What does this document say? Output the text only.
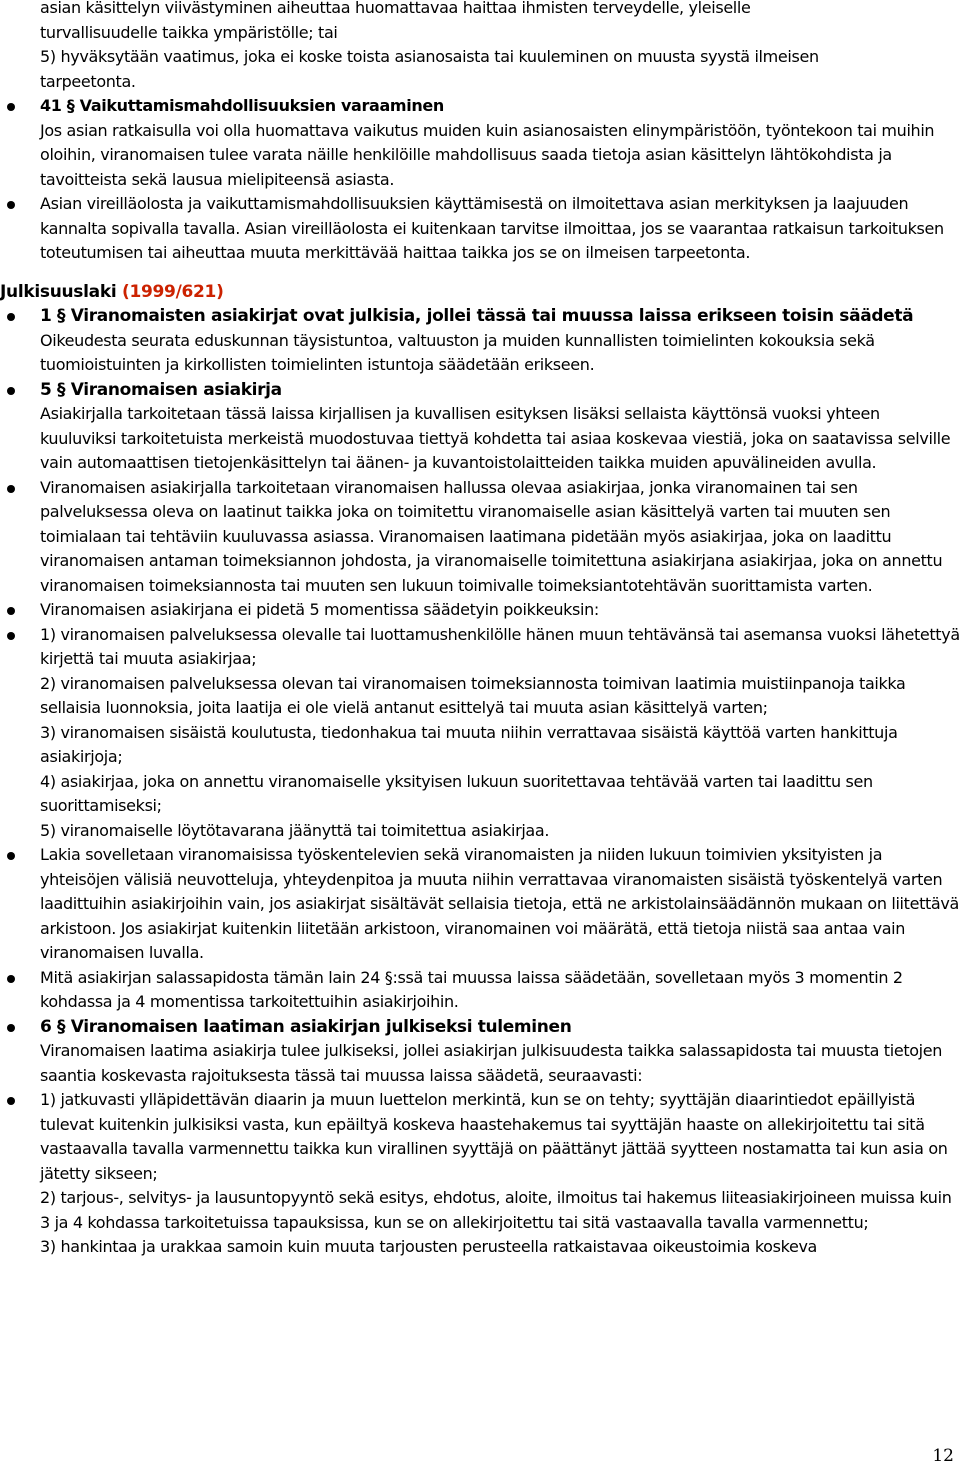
asian käsittelyn viivästyminen aiheuttaa huomattavaa haittaa ihmisten terveydelle, yleiselle
turvallisuudelle taikka ympäristölle; tai
5) hyväksytään vaatimus, joka ei koske toista asianosaista tai kuuleminen on muusta syystä ilmeisen
tarpeetonta.
41 § Vaikuttamismahdollisuuksien varaaminen
Jos asian ratkaisulla voi olla huomattava vaikutus muiden kuin asianosaisten elinympäristöön, työntekoon tai muihin oloihin, viranomaisen tulee varata näille henkilöille mahdollisuus saada tietoja asian käsittelyn lähtökohdista ja tavoitteista sekä lausua mielipiteensä asiasta.
Asian vireilläolosta ja vaikuttamismahdollisuuksien käyttämisestä on ilmoitettava asian merkityksen ja laajuuden kannalta sopivalla tavalla. Asian vireilläolosta ei kuitenkaan tarvitse ilmoittaa, jos se vaarantaa ratkaisun tarkoituksen toteutumisen tai aiheuttaa muuta merkittävää haittaa taikka jos se on ilmeisen tarpeetonta.
Julkisuuslaki (1999/621)
1 § Viranomaisten asiakirjat ovat julkisia, jollei tässä tai muussa laissa erikseen toisin säädetä
Oikeudesta seurata eduskunnan täysistuntoa, valtuuston ja muiden kunnallisten toimielinten kokouksia sekä tuomioistuinten ja kirkollisten toimielinten istuntoja säädetään erikseen.
5 § Viranomaisen asiakirja
Asiakirjalla tarkoitetaan tässä laissa kirjallisen ja kuvallisen esityksen lisäksi sellaista käyttönsä vuoksi yhteen kuuluviksi tarkoitetuista merkeistä muodostuvaa tiettyä kohdetta tai asiaa koskevaa viestiä, joka on saatavissa selville vain automaattisen tietojenkäsittelyn tai äänen- ja kuvantoistolaitteiden taikka muiden apuvälineiden avulla.
Viranomaisen asiakirjalla tarkoitetaan viranomaisen hallussa olevaa asiakirjaa, jonka viranomainen tai sen palveluksessa oleva on laatinut taikka joka on toimitettu viranomaiselle asian käsittelyä varten tai muuten sen toimialaan tai tehtäviin kuuluvassa asiassa. Viranomaisen laatimana pidetään myös asiakirjaa, joka on laadittu viranomaisen antaman toimeksiannon johdosta, ja viranomaiselle toimitettuna asiakirjana asiakirjaa, joka on annettu viranomaisen toimeksiannosta tai muuten sen lukuun toimivalle toimeksiantotehtävän suorittamista varten.
Viranomaisen asiakirjana ei pidetä 5 momentissa säädetyin poikkeuksin:
1) viranomaisen palveluksessa olevalle tai luottamushenkilölle hänen muun tehtävänsä tai asemansa vuoksi lähetettyä kirjettä tai muuta asiakirjaa;
2) viranomaisen palveluksessa olevan tai viranomaisen toimeksiannosta toimivan laatimia muistiinpanoja taikka sellaisia luonnoksia, joita laatija ei ole vielä antanut esittelyä tai muuta asian käsittelyä varten;
3) viranomaisen sisäistä koulutusta, tiedonhakua tai muuta niihin verrattavaa sisäistä käyttöä varten hankittuja asiakirjoja;
4) asiakirjaa, joka on annettu viranomaiselle yksityisen lukuun suoritettavaa tehtävää varten tai laadittu sen suorittamiseksi;
5) viranomaiselle löytötavarana jäänyttä tai toimitettua asiakirjaa.
Lakia sovelletaan viranomaisissa työskentelevien sekä viranomaisten ja niiden lukuun toimivien yksityisten ja yhteisöjen välisiä neuvotteluja, yhteydenpitoa ja muuta niihin verrattavaa viranomaisten sisäistä työskentelyä varten laadittuihin asiakirjoihin vain, jos asiakirjat sisältävät sellaisia tietoja, että ne arkistolainsäädännön mukaan on liitettävä arkistoon. Jos asiakirjat kuitenkin liitetään arkistoon, viranomainen voi määrätä, että tietoja niistä saa antaa vain viranomaisen luvalla.
Mitä asiakirjan salassapidosta tämän lain 24 §:ssä tai muussa laissa säädetään, sovelletaan myös 3 momentin 2 kohdassa ja 4 momentissa tarkoitettuihin asiakirjoihin.
6 § Viranomaisen laatiman asiakirjan julkiseksi tuleminen
Viranomaisen laatima asiakirja tulee julkiseksi, jollei asiakirjan julkisuudesta taikka salassapidosta tai muusta tietojen saantia koskevasta rajoituksesta tässä tai muussa laissa säädetä, seuraavasti:
1) jatkuvasti ylläpidettävän diaarin ja muun luettelon merkintä, kun se on tehty; syyttäjän diaarintiedot epäillyistä tulevat kuitenkin julkisiksi vasta, kun epäiltyä koskeva haastehakemus tai syyttäjän haaste on allekirjoitettu tai sitä vastaavalla tavalla varmennettu taikka kun virallinen syyttäjä on päättänyt jättää syytteen nostamatta tai kun asia on jätetty sikseen;
2) tarjous-, selvitys- ja lausuntopyyntö sekä esitys, ehdotus, aloite, ilmoitus tai hakemus liiteasiakirjoineen muissa kuin 3 ja 4 kohdassa tarkoitetuissa tapauksissa, kun se on allekirjoitettu tai sitä vastaavalla tavalla varmennettu;
3) hankintaa ja urakkaa samoin kuin muuta tarjousten perusteella ratkaistavaa oikeustoimia koskeva
12
